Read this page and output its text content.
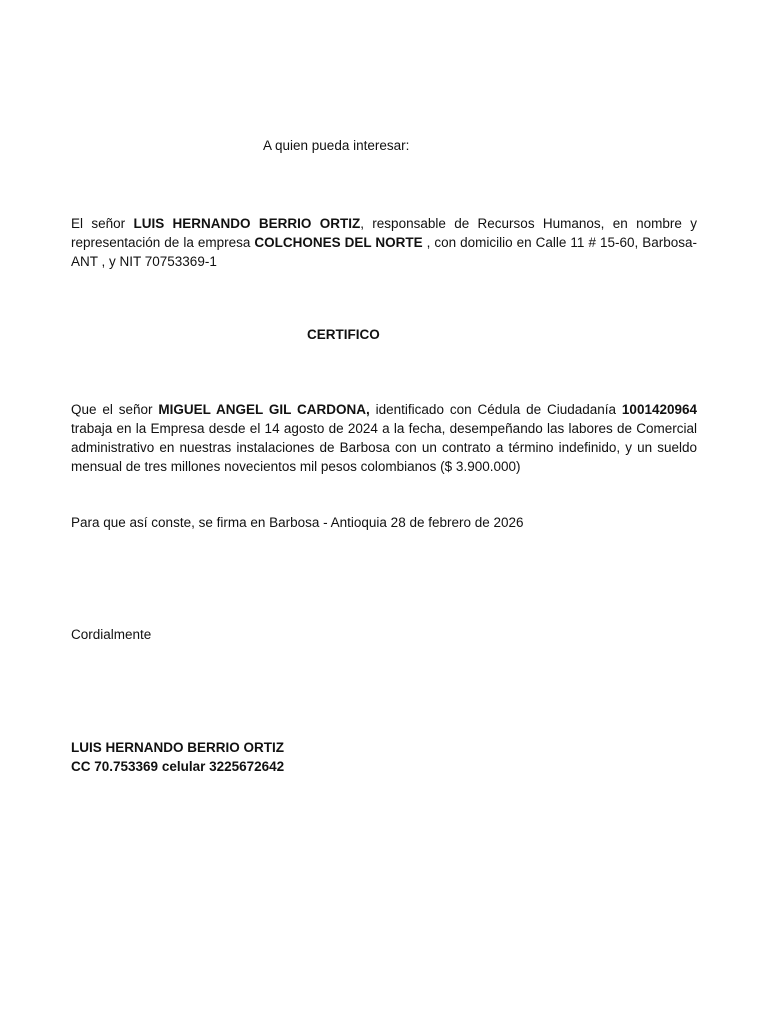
A quien pueda interesar:
El señor LUIS HERNANDO BERRIO ORTIZ, responsable de Recursos Humanos, en nombre y representación de la empresa COLCHONES DEL NORTE , con domicilio en Calle 11 # 15-60, Barbosa-ANT , y NIT 70753369-1
CERTIFICO
Que el señor MIGUEL ANGEL GIL CARDONA, identificado con Cédula de Ciudadanía 1001420964 trabaja en la Empresa desde el 14 agosto de 2024 a la fecha, desempeñando las labores de Comercial administrativo en nuestras instalaciones de Barbosa con un contrato a término indefinido, y un sueldo mensual de tres millones novecientos mil pesos colombianos ($ 3.900.000)
Para que así conste, se firma en Barbosa - Antioquia 28 de febrero de 2026
Cordialmente
LUIS HERNANDO BERRIO ORTIZ
CC 70.753369 celular 3225672642
